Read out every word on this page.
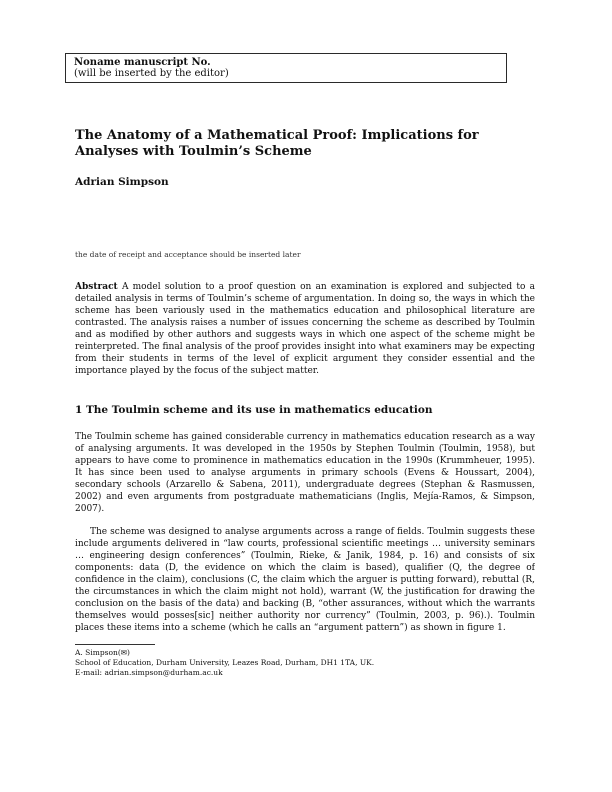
Noname manuscript No.
(will be inserted by the editor)
The Anatomy of a Mathematical Proof: Implications for Analyses with Toulmin’s Scheme
Adrian Simpson
the date of receipt and acceptance should be inserted later
Abstract A model solution to a proof question on an examination is explored and subjected to a detailed analysis in terms of Toulmin’s scheme of argumentation. In doing so, the ways in which the scheme has been variously used in the mathematics education and philosophical literature are contrasted. The analysis raises a number of issues concerning the scheme as described by Toulmin and as modified by other authors and suggests ways in which one aspect of the scheme might be reinterpreted. The final analysis of the proof provides insight into what examiners may be expecting from their students in terms of the level of explicit argument they consider essential and the importance played by the focus of the subject matter.
1 The Toulmin scheme and its use in mathematics education
The Toulmin scheme has gained considerable currency in mathematics education research as a way of analysing arguments. It was developed in the 1950s by Stephen Toulmin (Toulmin, 1958), but appears to have come to prominence in mathematics education in the 1990s (Krummheuer, 1995). It has since been used to analyse arguments in primary schools (Evens & Houssart, 2004), secondary schools (Arzarello & Sabena, 2011), undergraduate degrees (Stephan & Rasmussen, 2002) and even arguments from postgraduate mathematicians (Inglis, Mejía-Ramos, & Simpson, 2007).
The scheme was designed to analyse arguments across a range of fields. Toulmin suggests these include arguments delivered in “law courts, professional scientific meetings … university seminars … engineering design conferences” (Toulmin, Rieke, & Janik, 1984, p. 16) and consists of six components: data (D, the evidence on which the claim is based), qualifier (Q, the degree of confidence in the claim), conclusions (C, the claim which the arguer is putting forward), rebuttal (R, the circumstances in which the claim might not hold), warrant (W, the justification for drawing the conclusion on the basis of the data) and backing (B, “other assurances, without which the warrants themselves would posses[sic] neither authority nor currency” (Toulmin, 2003, p. 96).). Toulmin places these items into a scheme (which he calls an “argument pattern”) as shown in figure 1.
A. Simpson(✉)
School of Education, Durham University, Leazes Road, Durham, DH1 1TA, UK.
E-mail: adrian.simpson@durham.ac.uk
